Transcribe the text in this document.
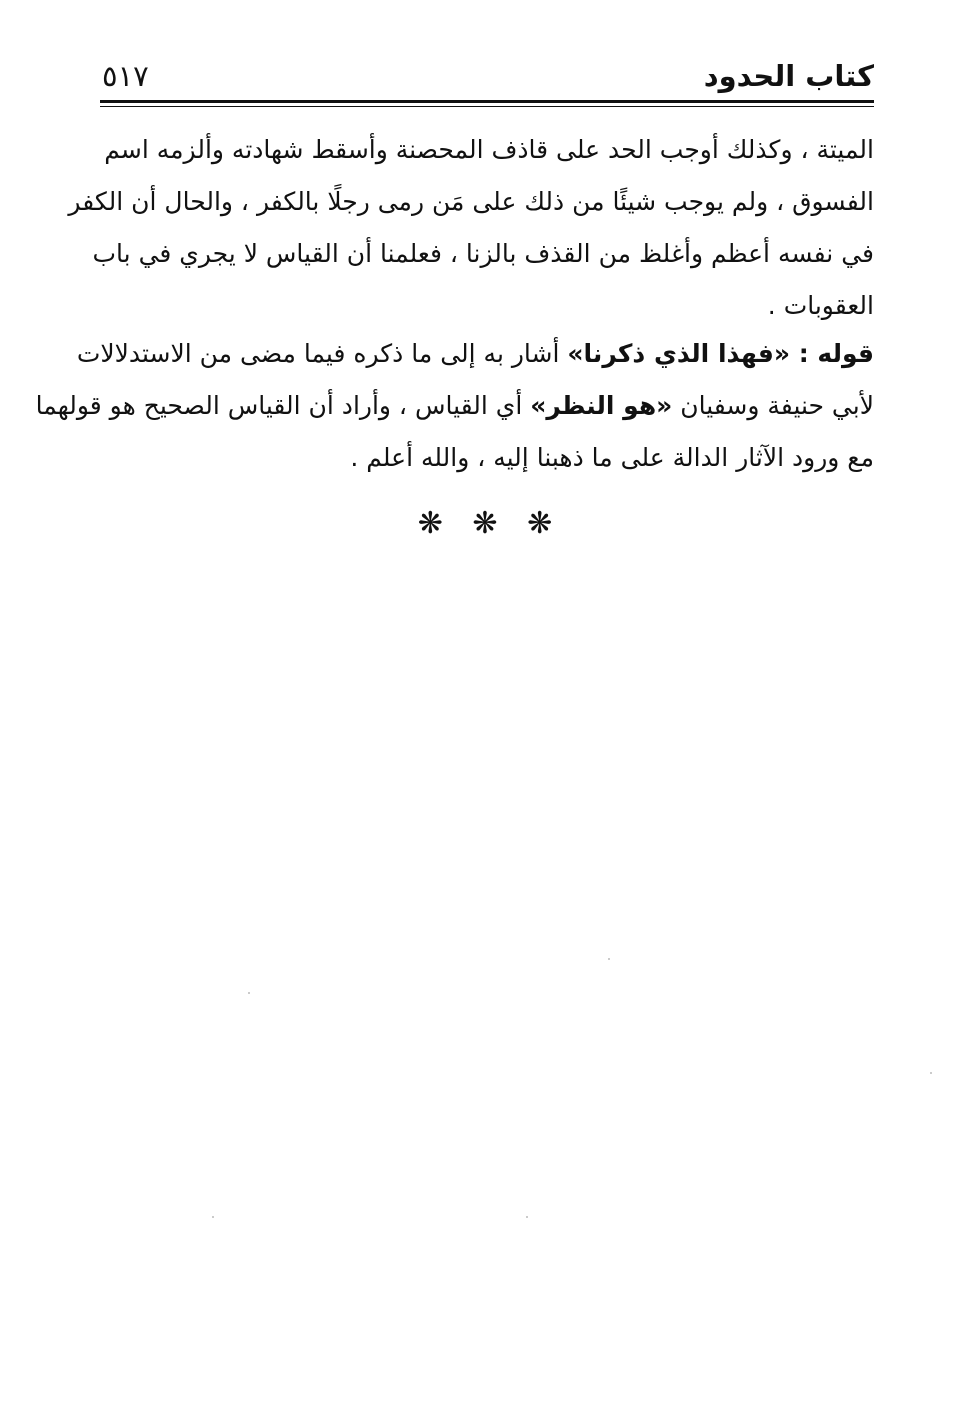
كتاب الحدود
٥١٧
الميتة ، وكذلك أوجب الحد على قاذف المحصنة وأسقط شهادته وألزمه اسم
الفسوق ، ولم يوجب شيئًا من ذلك على مَن رمى رجلًا بالكفر ، والحال أن الكفر
في نفسه أعظم وأغلظ من القذف بالزنا ، فعلمنا أن القياس لا يجري في باب
العقوبات .
قوله : «فهذا الذي ذكرنا» أشار به إلى ما ذكره فيما مضى من الاستدلالات
لأبي حنيفة وسفيان «هو النظر» أي القياس ، وأراد أن القياس الصحيح هو قولهما
مع ورود الآثار الدالة على ما ذهبنا إليه ، والله أعلم .
❋ ❋ ❋
